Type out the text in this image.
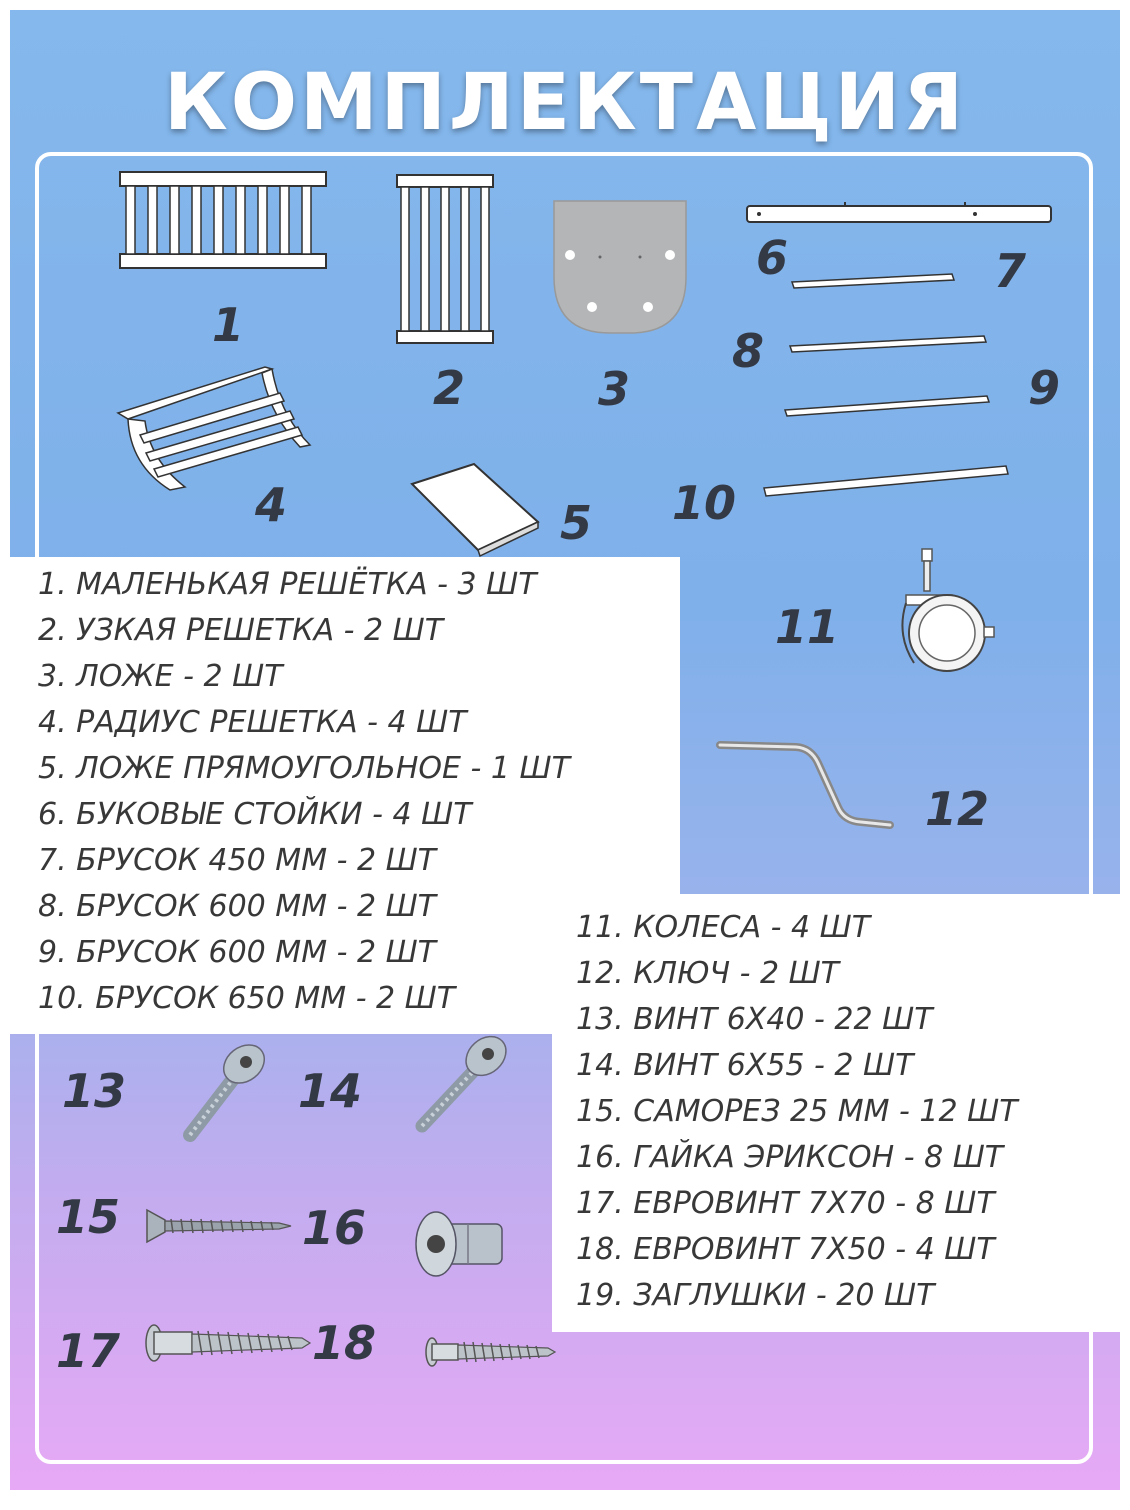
КОМПЛЕКТАЦИЯ
1
2	3
4	5
6	7
8
9
10
1. МАЛЕНЬКАЯ РЕШЁТКА - 3 ШТ
2. УЗКАЯ РЕШЕТКА - 2 ШТ
3. ЛОЖЕ - 2 ШТ
4. РАДИУС РЕШЕТКА - 4 ШТ
5. ЛОЖЕ ПРЯМОУГОЛЬНОЕ - 1 ШТ
6. БУКОВЫЕ СТОЙКИ - 4 ШТ
7. БРУСОК 450 ММ - 2 ШТ
8. БРУСОК 600 ММ - 2 ШТ
9. БРУСОК 600 ММ - 2 ШТ
10. БРУСОК 650 ММ - 2 ШТ
11
12
11. КОЛЕСА - 4 ШТ
12. КЛЮЧ - 2 ШТ
13. ВИНТ 6Х40 - 22 ШТ
14. ВИНТ 6Х55 - 2 ШТ
15. САМОРЕЗ 25 ММ - 12 ШТ
16. ГАЙКА ЭРИКСОН - 8 ШТ
17. ЕВРОВИНТ 7Х70 - 8 ШТ
18. ЕВРОВИНТ 7Х50 - 4 ШТ
19. ЗАГЛУШКИ - 20 ШТ
13	14
15	16
17	18
